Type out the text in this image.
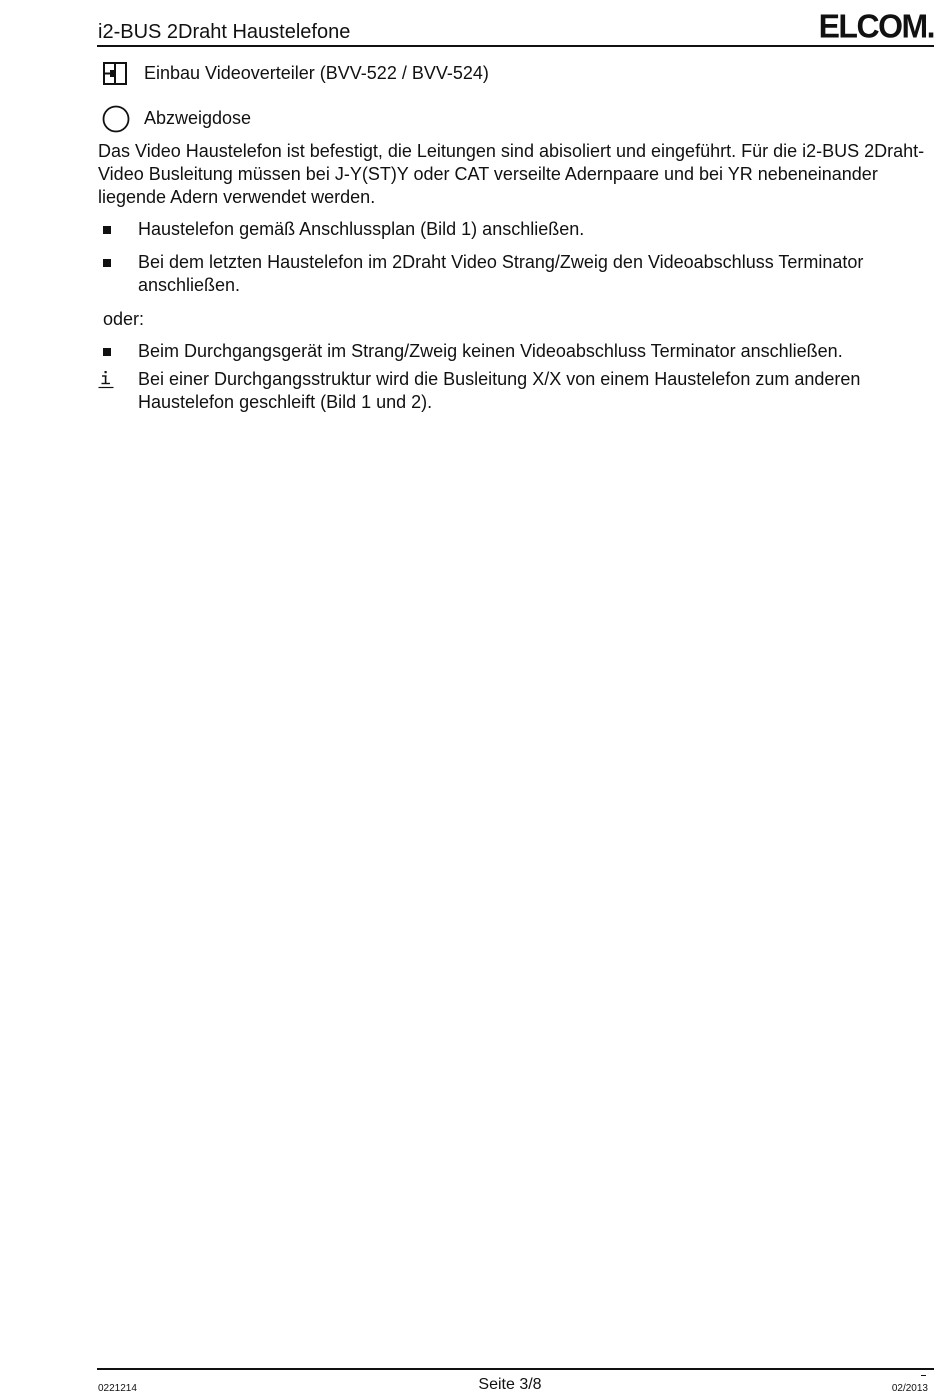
i2-BUS 2Draht Haustelefone	ELCOM.
Einbau Videoverteiler (BVV-522 / BVV-524)
Abzweigdose
Das Video Haustelefon ist befestigt, die Leitungen sind abisoliert und eingeführt. Für die i2-BUS 2Draht- Video Busleitung müssen bei J-Y(ST)Y oder CAT verseilte Adernpaare und bei YR nebeneinander liegende Adern verwendet werden.
Haustelefon gemäß Anschlussplan (Bild 1) anschließen.
Bei dem letzten Haustelefon im 2Draht Video Strang/Zweig den Videoabschluss Terminator anschließen.
oder:
Beim Durchgangsgerät im Strang/Zweig keinen Videoabschluss Terminator anschließen.
Bei einer Durchgangsstruktur wird die Busleitung X/X von einem Haustelefon zum anderen Haustelefon geschleift (Bild 1 und 2).
0221214	Seite 3/8	02/2013
